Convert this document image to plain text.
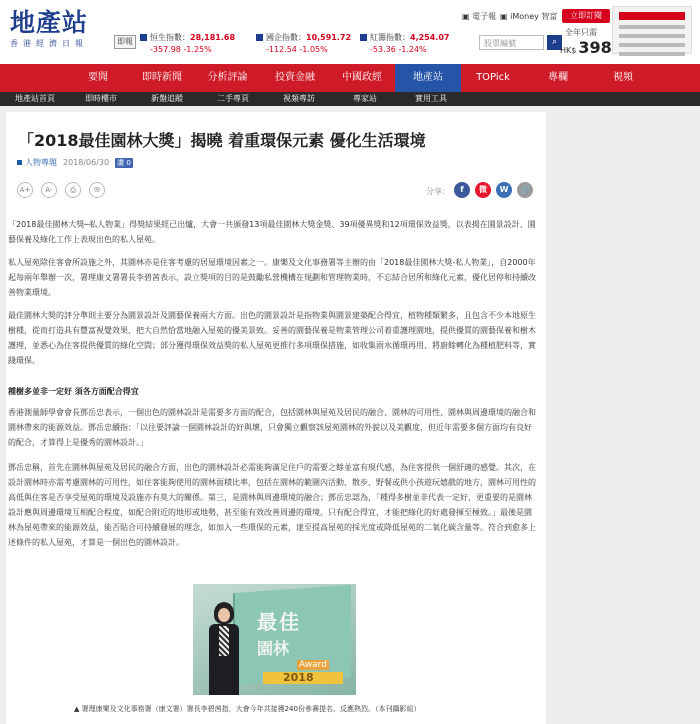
地產站
香港經濟日報	即報	恒生指數：28,181.68
-357.98 -1.25%
國企指數：10,591.72
-112.54 -1.05%
紅籌指數：4,254.07
-53.36 -1.24%
▣ 電子報 ▣ iMoney 智富
股票編號	⌕
立即訂閱
全年只需
HK$ 398
要聞	即時新聞	分析評論	投資金融	中國政經	地產站	TOPick	專欄	視頻
地產站首頁	即時樓市	新盤追蹤	二手專頁	視頻專訪	專家站	實用工具
「2018最佳園林大獎」揭曉 着重環保元素 優化生活環境
人物專題 2018/06/30 讚 0
A+	A-	⎙	✉	分享：	f	微	W	🔗

「2018最佳園林大獎─私人物業」得獎結果經已出爐，大會一共頒發13項最佳園林大獎金獎、39項優異獎和12項環保效益獎，以表揚在園景設計、園藝保養及綠化工作上表現出色的私人屋苑。

私人屋苑除住客會所設施之外，其園林亦是住客考慮的居屋環境因素之一。康樂及文化事務署等主辦的由「2018最佳園林大獎-私人物業」，自2000年起每兩年舉辦一次，署理康文署署長李碧茜表示，設立獎項的目的是鼓勵私營機構在規劃和管理物業時，不忘結合居所和綠化元素，優化居停和持續改善物業環境。

最佳園林大獎的評分準則主要分為園景設計及園藝保養兩大方面。出色的園景設計是指物業與園景建築配合得宜，植物種類繁多，且包含不少本地原生樹種，從而打造具有豐富視覺效果、把大自然恰當地融入屋苑的優美景致。妥善的園藝保養是物業管理公司着重護理園地，提供優質的園藝保養和樹木護理，並悉心為住客提供優質的綠化空間；部分獲得環保效益獎的私人屋苑更推行多項環保措施，如收集雨水循環再用、將廚餘轉化為種植肥料等，實踐環保。

種樹多並非一定好 須各方面配合得宜

香港測量師學會會長鄧岳忠表示，一個出色的園林設計是需要多方面的配合，包括園林與屋苑及居民的融合、園林的可用性、園林與周邊環境的融合和園林帶來的能源效益。鄧岳忠續指：「以往要評論一個園林設計的好與壞，只會獨立觀察該屋苑園林的外貌以及美觀度，但近年需要多個方面均有良好的配合，才算得上是優秀的園林設計。」

鄧岳忠稱，首先在園林與屋苑及居民的融合方面，出色的園林設計必需能夠滿足住戶的需要之餘並富有現代感，為住客提供一個舒適的感覺。其次，在設計園林時亦需考慮園林的可用性，如住客能夠使用的園林面積比率，包括在園林的範圍內活動、散步、野餐或供小孩遊玩嬉戲的地方，園林可用性的高低與住客是否享受屋苑的環境及設施亦有莫大的關係。第三，是園林與周邊環境的融合；鄧岳忠認為，「種得多樹並非代表一定好，更重要的是園林設計應與周邊環境互相配合程度，如配合附近的地形或地勢，甚至能有效改善周邊的環境。只有配合得宜，才能把綠化的好處發揮至極致。」最後是園林為屋苑帶來的能源效益，能否貼合可持續發展的理念，如加入一些環保的元素，達至提高屋苑的採光度或降低屋苑的二氧化碳含量等。符合到愈多上述條件的私人屋苑，才算是一個出色的園林設計。

最佳
園林
Award
2018
▲ 署理康樂及文化事務署（康文署）署長李碧茜指，大會今年共接獲240份參賽提名，反應熱烈。（本刊攝影組）
